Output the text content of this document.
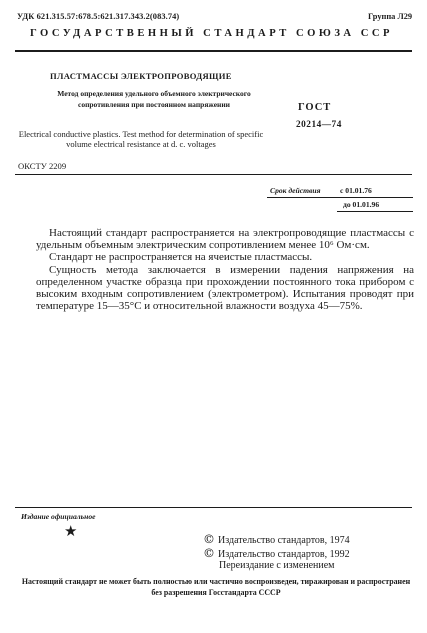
УДК 621.315.57:678.5:621.317.343.2(083.74)	Группа Л29

ГОСУДАРСТВЕННЫЙ СТАНДАРТ СОЮЗА ССР

ПЛАСТМАССЫ ЭЛЕКТРОПРОВОДЯЩИЕ

Метод определения удельного объемного электрического сопротивления при постоянном напряжении	ГОСТ

20214—74

Electrical conductive plastics. Test method for determination of specific volume electrical resistance at d. c. voltages

ОКСТУ 2209

Срок действия	с 01.01.76

до 01.01.96

Настоящий стандарт распространяется на электропроводящие пластмассы с удельным объемным электрическим сопротивлением менее 10⁶ Ом·см.

Стандарт не распространяется на ячеистые пластмассы.

Сущность метода заключается в измерении падения напряжения на определенном участке образца при прохождении постоянного тока прибором с высоким входным сопротивлением (электрометром). Испытания проводят при температуре 15—35°С и относительной влажности воздуха 45—75%.

Издание официальное

★	© Издательство стандартов, 1974

© Издательство стандартов, 1992

Переиздание с изменением

Настоящий стандарт не может быть полностью или частично воспроизведен, тиражирован и распространен без разрешения Госстандарта СССР
